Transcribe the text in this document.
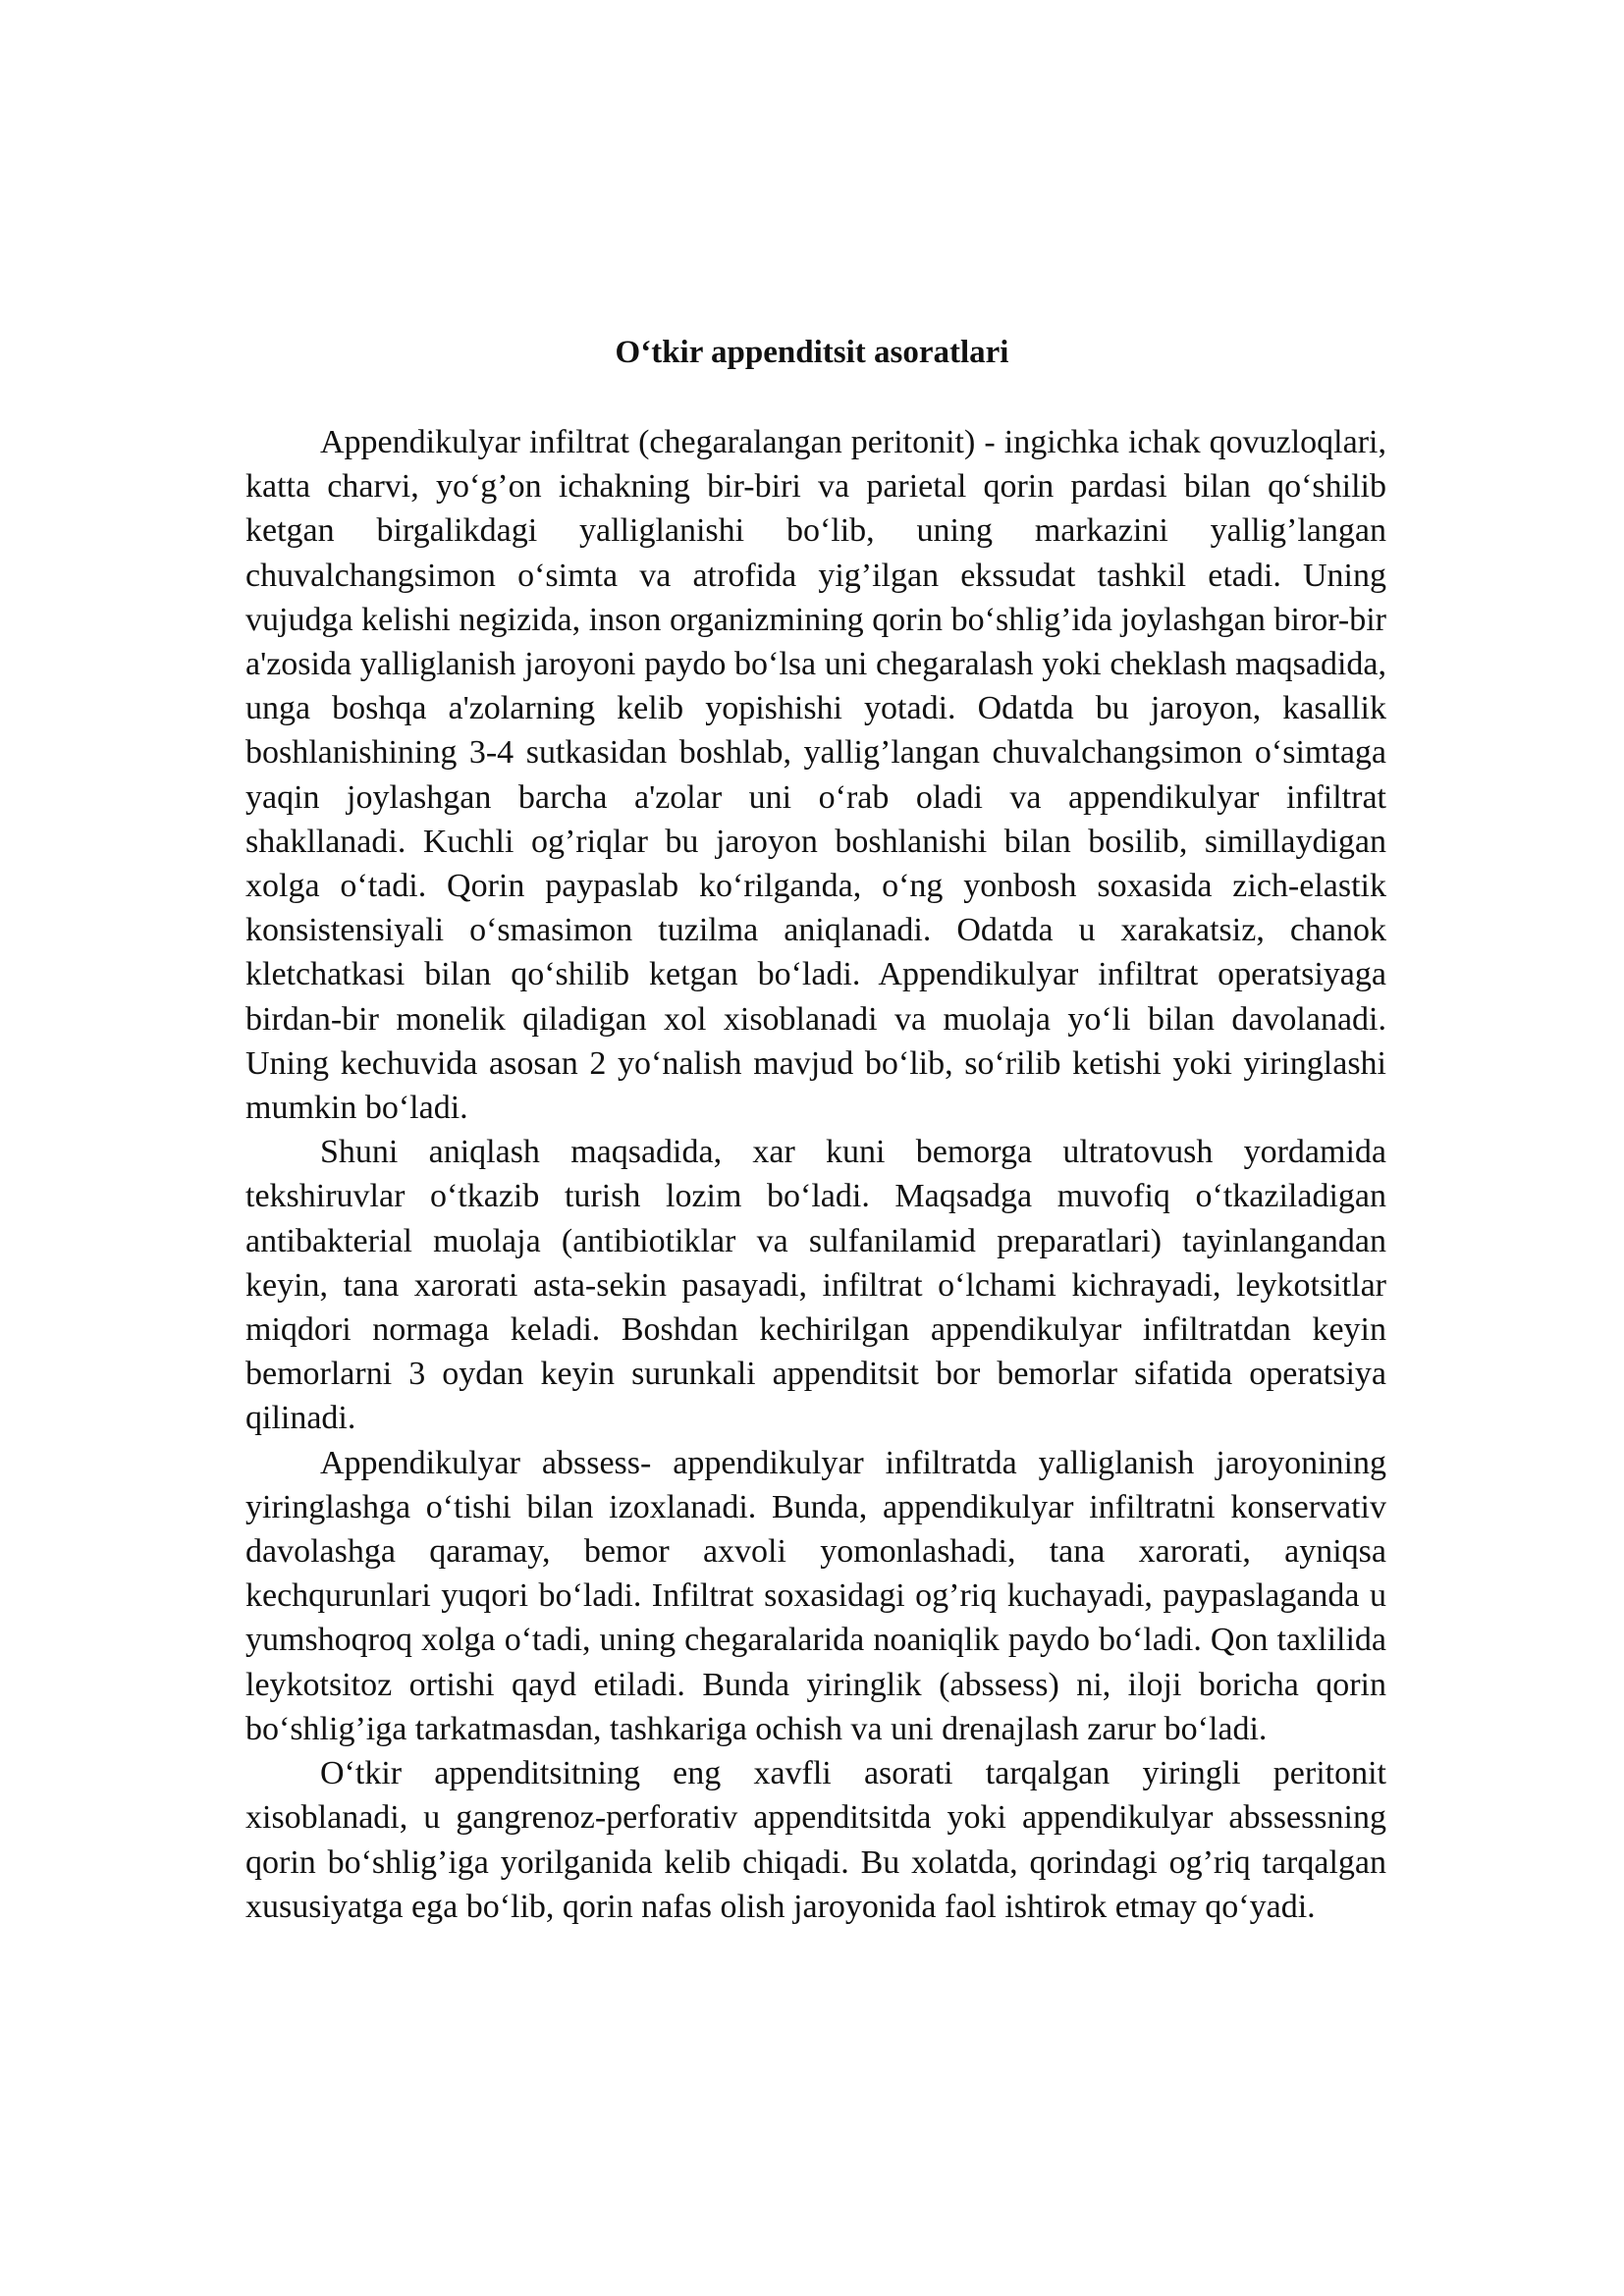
O‘tkir appenditsit asoratlari

Appendikulyar infiltrat (chegaralangan peritonit) - ingichka ichak qovuzloqlari, katta charvi, yo‘g’on ichakning bir-biri va parietal qorin pardasi bilan qo‘shilib ketgan birgalikdagi yalliglanishi bo‘lib, uning markazini yallig’langan chuvalchangsimon o‘simta va atrofida yig’ilgan ekssudat tashkil etadi. Uning vujudga kelishi negizida, inson organizmining qorin bo‘shlig’ida joylashgan biror-bir a'zosida yalliglanish jaroyoni paydo bo‘lsa uni chegaralash yoki cheklash maqsadida, unga boshqa a'zolarning kelib yopishishi yotadi. Odatda bu jaroyon, kasallik boshlanishining 3-4 sutkasidan boshlab, yallig’langan chuvalchangsimon o‘simtaga yaqin joylashgan barcha a'zolar uni o‘rab oladi va appendikulyar infiltrat shakllanadi. Kuchli og’riqlar bu jaroyon boshlanishi bilan bosilib, simillaydigan xolga o‘tadi. Qorin paypaslab ko‘rilganda, o‘ng yonbosh soxasida zich-elastik konsistensiyali o‘smasimon tuzilma aniqlanadi. Odatda u xarakatsiz, chanok kletchatkasi bilan qo‘shilib ketgan bo‘ladi. Appendikulyar infiltrat operatsiyaga birdan-bir monelik qiladigan xol xisoblanadi va muolaja yo‘li bilan davolanadi. Uning kechuvida asosan 2 yo‘nalish mavjud bo‘lib, so‘rilib ketishi yoki yiringlashi mumkin bo‘ladi.

Shuni aniqlash maqsadida, xar kuni bemorga ultratovush yordamida tekshiruvlar o‘tkazib turish lozim bo‘ladi. Maqsadga muvofiq o‘tkaziladigan antibakterial muolaja (antibiotiklar va sulfanilamid preparatlari) tayinlangandan keyin, tana xarorati asta-sekin pasayadi, infiltrat o‘lchami kichrayadi, leykotsitlar miqdori normaga keladi. Boshdan kechirilgan appendikulyar infiltratdan keyin bemorlarni 3 oydan keyin surunkali appenditsit bor bemorlar sifatida operatsiya qilinadi.

Appendikulyar abssess- appendikulyar infiltratda yalliglanish jaroyonining yiringlashga o‘tishi bilan izoxlanadi. Bunda, appendikulyar infiltratni konservativ davolashga qaramay, bemor axvoli yomonlashadi, tana xarorati, ayniqsa kechqurunlari yuqori bo‘ladi. Infiltrat soxasidagi og’riq kuchayadi, paypaslaganda u yumshoqroq xolga o‘tadi, uning chegaralarida noaniqlik paydo bo‘ladi. Qon taxlilida leykotsitoz ortishi qayd etiladi. Bunda yiringlik (abssess) ni, iloji boricha qorin bo‘shlig’iga tarkatmasdan, tashkariga ochish va uni drenajlash zarur bo‘ladi.

O‘tkir appenditsitning eng xavfli asorati tarqalgan yiringli peritonit xisoblanadi, u gangrenoz-perforativ appenditsitda yoki appendikulyar abssessning qorin bo‘shlig’iga yorilganida kelib chiqadi. Bu xolatda, qorindagi og’riq tarqalgan xususiyatga ega bo‘lib, qorin nafas olish jaroyonida faol ishtirok etmay qo‘yadi.
